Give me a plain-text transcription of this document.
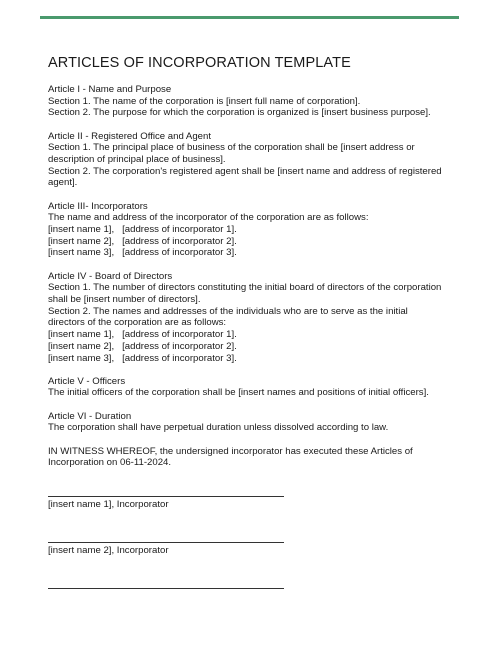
ARTICLES OF INCORPORATION TEMPLATE
Article I - Name and Purpose
Section 1. The name of the corporation is [insert full name of corporation].
Section 2. The purpose for which the corporation is organized is [insert business purpose].
Article II - Registered Office and Agent
Section 1. The principal place of business of the corporation shall be [insert address or
description of principal place of business].
Section 2. The corporation's registered agent shall be [insert name and address of registered
agent].
Article III- Incorporators
The name and address of the incorporator of the corporation are as follows:
[insert name 1],   [address of incorporator 1].
[insert name 2],   [address of incorporator 2].
[insert name 3],   [address of incorporator 3].
Article IV - Board of Directors
Section 1. The number of directors constituting the initial board of directors of the corporation
shall be [insert number of directors].
Section 2. The names and addresses of the individuals who are to serve as the initial
directors of the corporation are as follows:
[insert name 1],   [address of incorporator 1].
[insert name 2],   [address of incorporator 2].
[insert name 3],   [address of incorporator 3].
Article V - Officers
The initial officers of the corporation shall be [insert names and positions of initial officers].
Article VI - Duration
The corporation shall have perpetual duration unless dissolved according to law.
IN WITNESS WHEREOF, the undersigned incorporator has executed these Articles of
Incorporation on 06-11-2024.
[insert name 1], Incorporator
[insert name 2], Incorporator
